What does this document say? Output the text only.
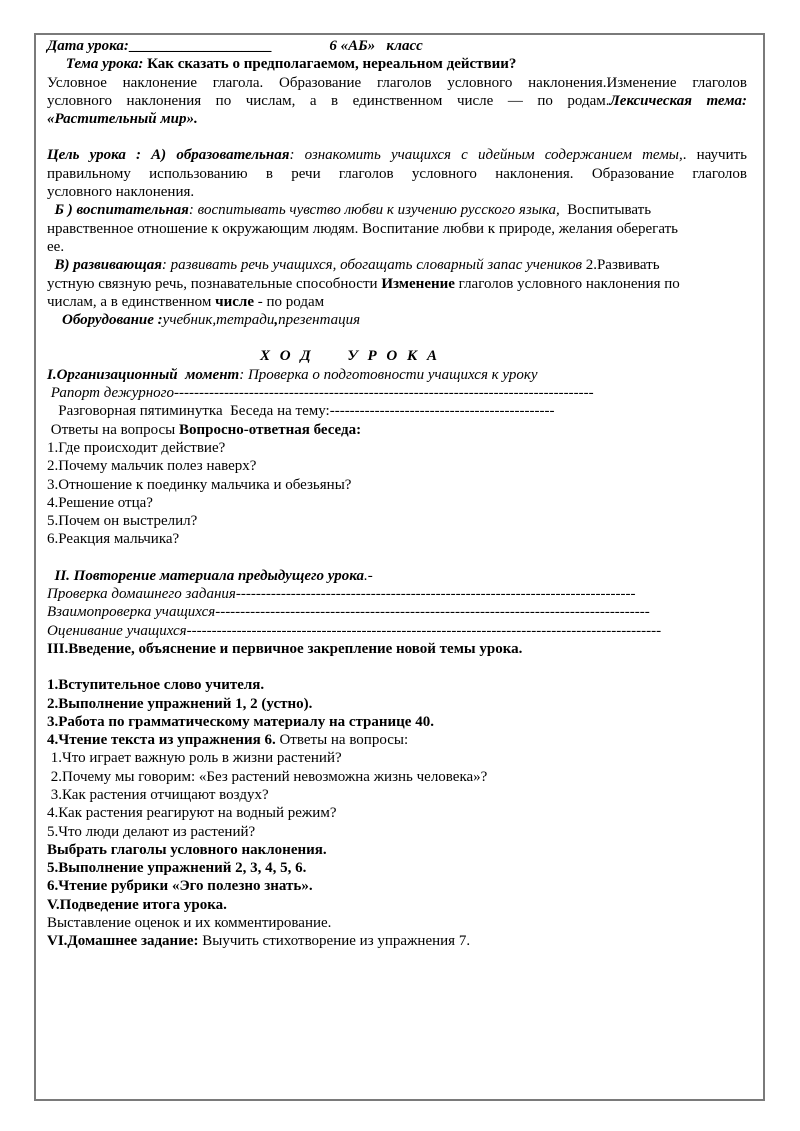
Дата урока:___________________	6 «АБ» класс
Тема урока: Как сказать о предполагаемом, нереальном действии?
Условное наклонение глагола. Образование глаголов условного наклонения.Изменение глаголов
условного наклонения по числам, а в единственном числе — по родам.Лексическая тема:
«Растительный мир».
Цель урока : А) образовательная: ознакомить учащихся с идейным содержанием темы,. научить
правильному использованию в речи глаголов условного наклонения. Образование глаголов
условного наклонения.
Б ) воспитательная: воспитывать чувство любви к изучению русского языка,  Воспитывать
нравственное отношение к окружающим людям. Воспитание любви к природе, желания оберегать
ее.
В) развивающая: развивать речь учащихся, обогащать словарный запас учеников 2.Развивать
устную связную речь, познавательные способности Изменение глаголов условного наклонения по
числам, а в единственном числе - по родам
Оборудование :учебник,тетради,презентация
Х О Д     У Р О К А
I.Организационный  момент: Проверка о подготовности учащихся к уроку
Рапорт дежурного------------------------------------------------------------------------------------
Разговорная пятиминутка  Беседа на тему:---------------------------------------------
Ответы на вопросы Вопросно-ответная беседа:
1.Где происходит действие?
2.Почему мальчик полез наверх?
3.Отношение к поединку мальчика и обезьяны?
4.Решение отца?
5.Почем он выстрелил?
6.Реакция мальчика?
II. Повторение материала предыдущего урока.-
Проверка домашнего задания--------------------------------------------------------------------------------
Взаимопроверка учащихся---------------------------------------------------------------------------------------
Оценивание учащихся-----------------------------------------------------------------------------------------------
III.Введение, объяснение и первичное закрепление новой темы урока.
1.Вступительное слово учителя.
2.Выполнение упражнений 1, 2 (устно).
3.Работа по грамматическому материалу на странице 40.
4.Чтение текста из упражнения 6. Ответы на вопросы:
1.Что играет важную роль в жизни растений?
2.Почему мы говорим: «Без растений невозможна жизнь человека»?
3.Как растения отчищают воздух?
4.Как растения реагируют на водный режим?
5.Что люди делают из растений?
Выбрать глаголы условного наклонения.
5.Выполнение упражнений 2, 3, 4, 5, 6.
6.Чтение рубрики «Эго полезно знать».
V.Подведение итога урока.
Выставление оценок и их комментирование.
VI.Домашнее задание: Выучить стихотворение из упражнения 7.
